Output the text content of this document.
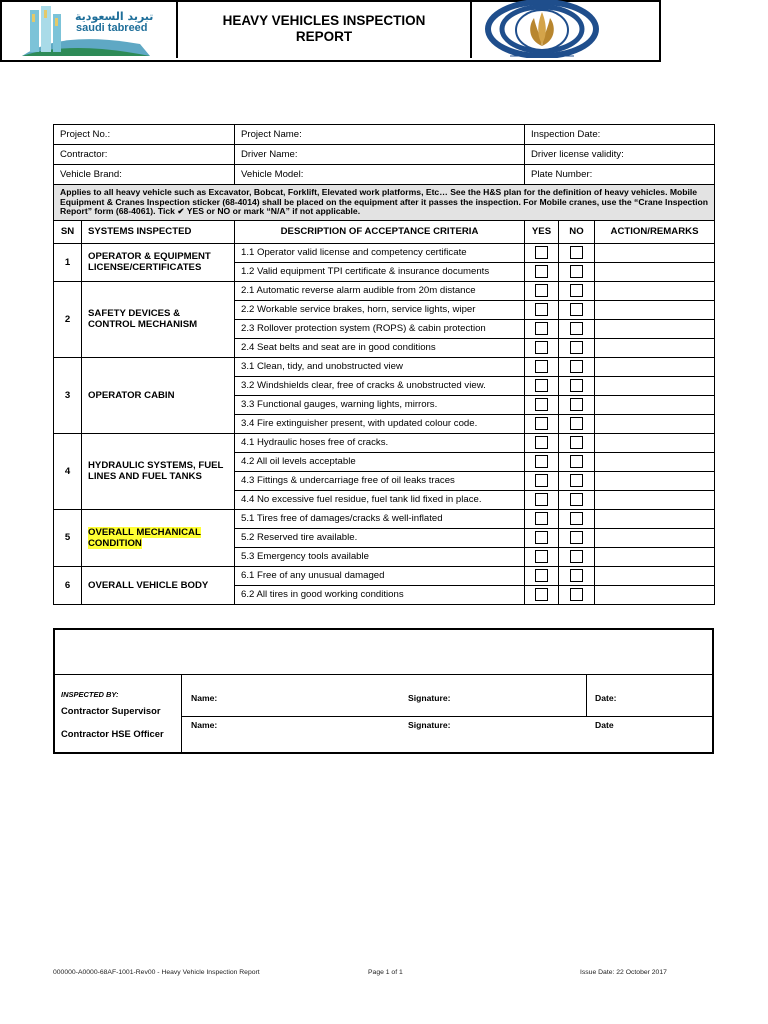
تبريد السعودية
saudi tabreed	HEAVY VEHICLES INSPECTION
REPORT
Project No.:		Project Name:	Inspection Date:		
Contractor:		Driver Name:	Driver license validity:		
Vehicle Brand:		Vehicle Model:	Plate Number:		
Applies to all heavy vehicle such as Excavator, Bobcat, Forklift, Elevated work platforms, Etc… See the H&S plan for the definition of heavy vehicles. Mobile Equipment & Cranes Inspection sticker (68-4014) shall be placed on the equipment after it passes the inspection. For Mobile cranes, use the “Crane Inspection Report” form (68-4061). Tick ✔ YES or NO or mark “N/A” if not applicable.					
SN	SYSTEMS INSPECTED	DESCRIPTION OF ACCEPTANCE CRITERIA	YES	NO	ACTION/REMARKS
1	OPERATOR & EQUIPMENT LICENSE/CERTIFICATES	1.1 Operator valid license and competency certificate			
		1.2 Valid equipment TPI certificate & insurance documents			
2	SAFETY DEVICES & CONTROL MECHANISM	2.1 Automatic reverse alarm audible from 20m distance			
		2.2 Workable service brakes, horn, service lights, wiper			
		2.3 Rollover protection system (ROPS) & cabin protection			
		2.4 Seat belts and seat are in good conditions			
3	OPERATOR CABIN	3.1 Clean, tidy, and unobstructed view			
		3.2 Windshields clear, free of cracks & unobstructed view.			
		3.3 Functional gauges, warning lights, mirrors.			
		3.4 Fire extinguisher present, with updated colour code.			
4	HYDRAULIC SYSTEMS, FUEL LINES AND FUEL TANKS	4.1 Hydraulic hoses free of cracks.			
		4.2 All oil levels acceptable			
		4.3 Fittings & undercarriage free of oil leaks traces			
		4.4 No excessive fuel residue, fuel tank lid fixed in place.			
5	OVERALL MECHANICAL CONDITION	5.1 Tires free of damages/cracks & well-inflated			
		5.2 Reserved tire available.			
		5.3 Emergency tools available			
6	OVERALL VEHICLE BODY	6.1 Free of any unusual damaged			
		6.2 All tires in good working conditions			
INSPECTED BY:
Contractor Supervisor
Contractor HSE Officer
Name:	Signature:	Date:
Name:	Signature:	Date
000000-A0000-68AF-1001-Rev00 - Heavy Vehicle Inspection Report	Page 1 of 1	Issue Date: 22 October 2017
